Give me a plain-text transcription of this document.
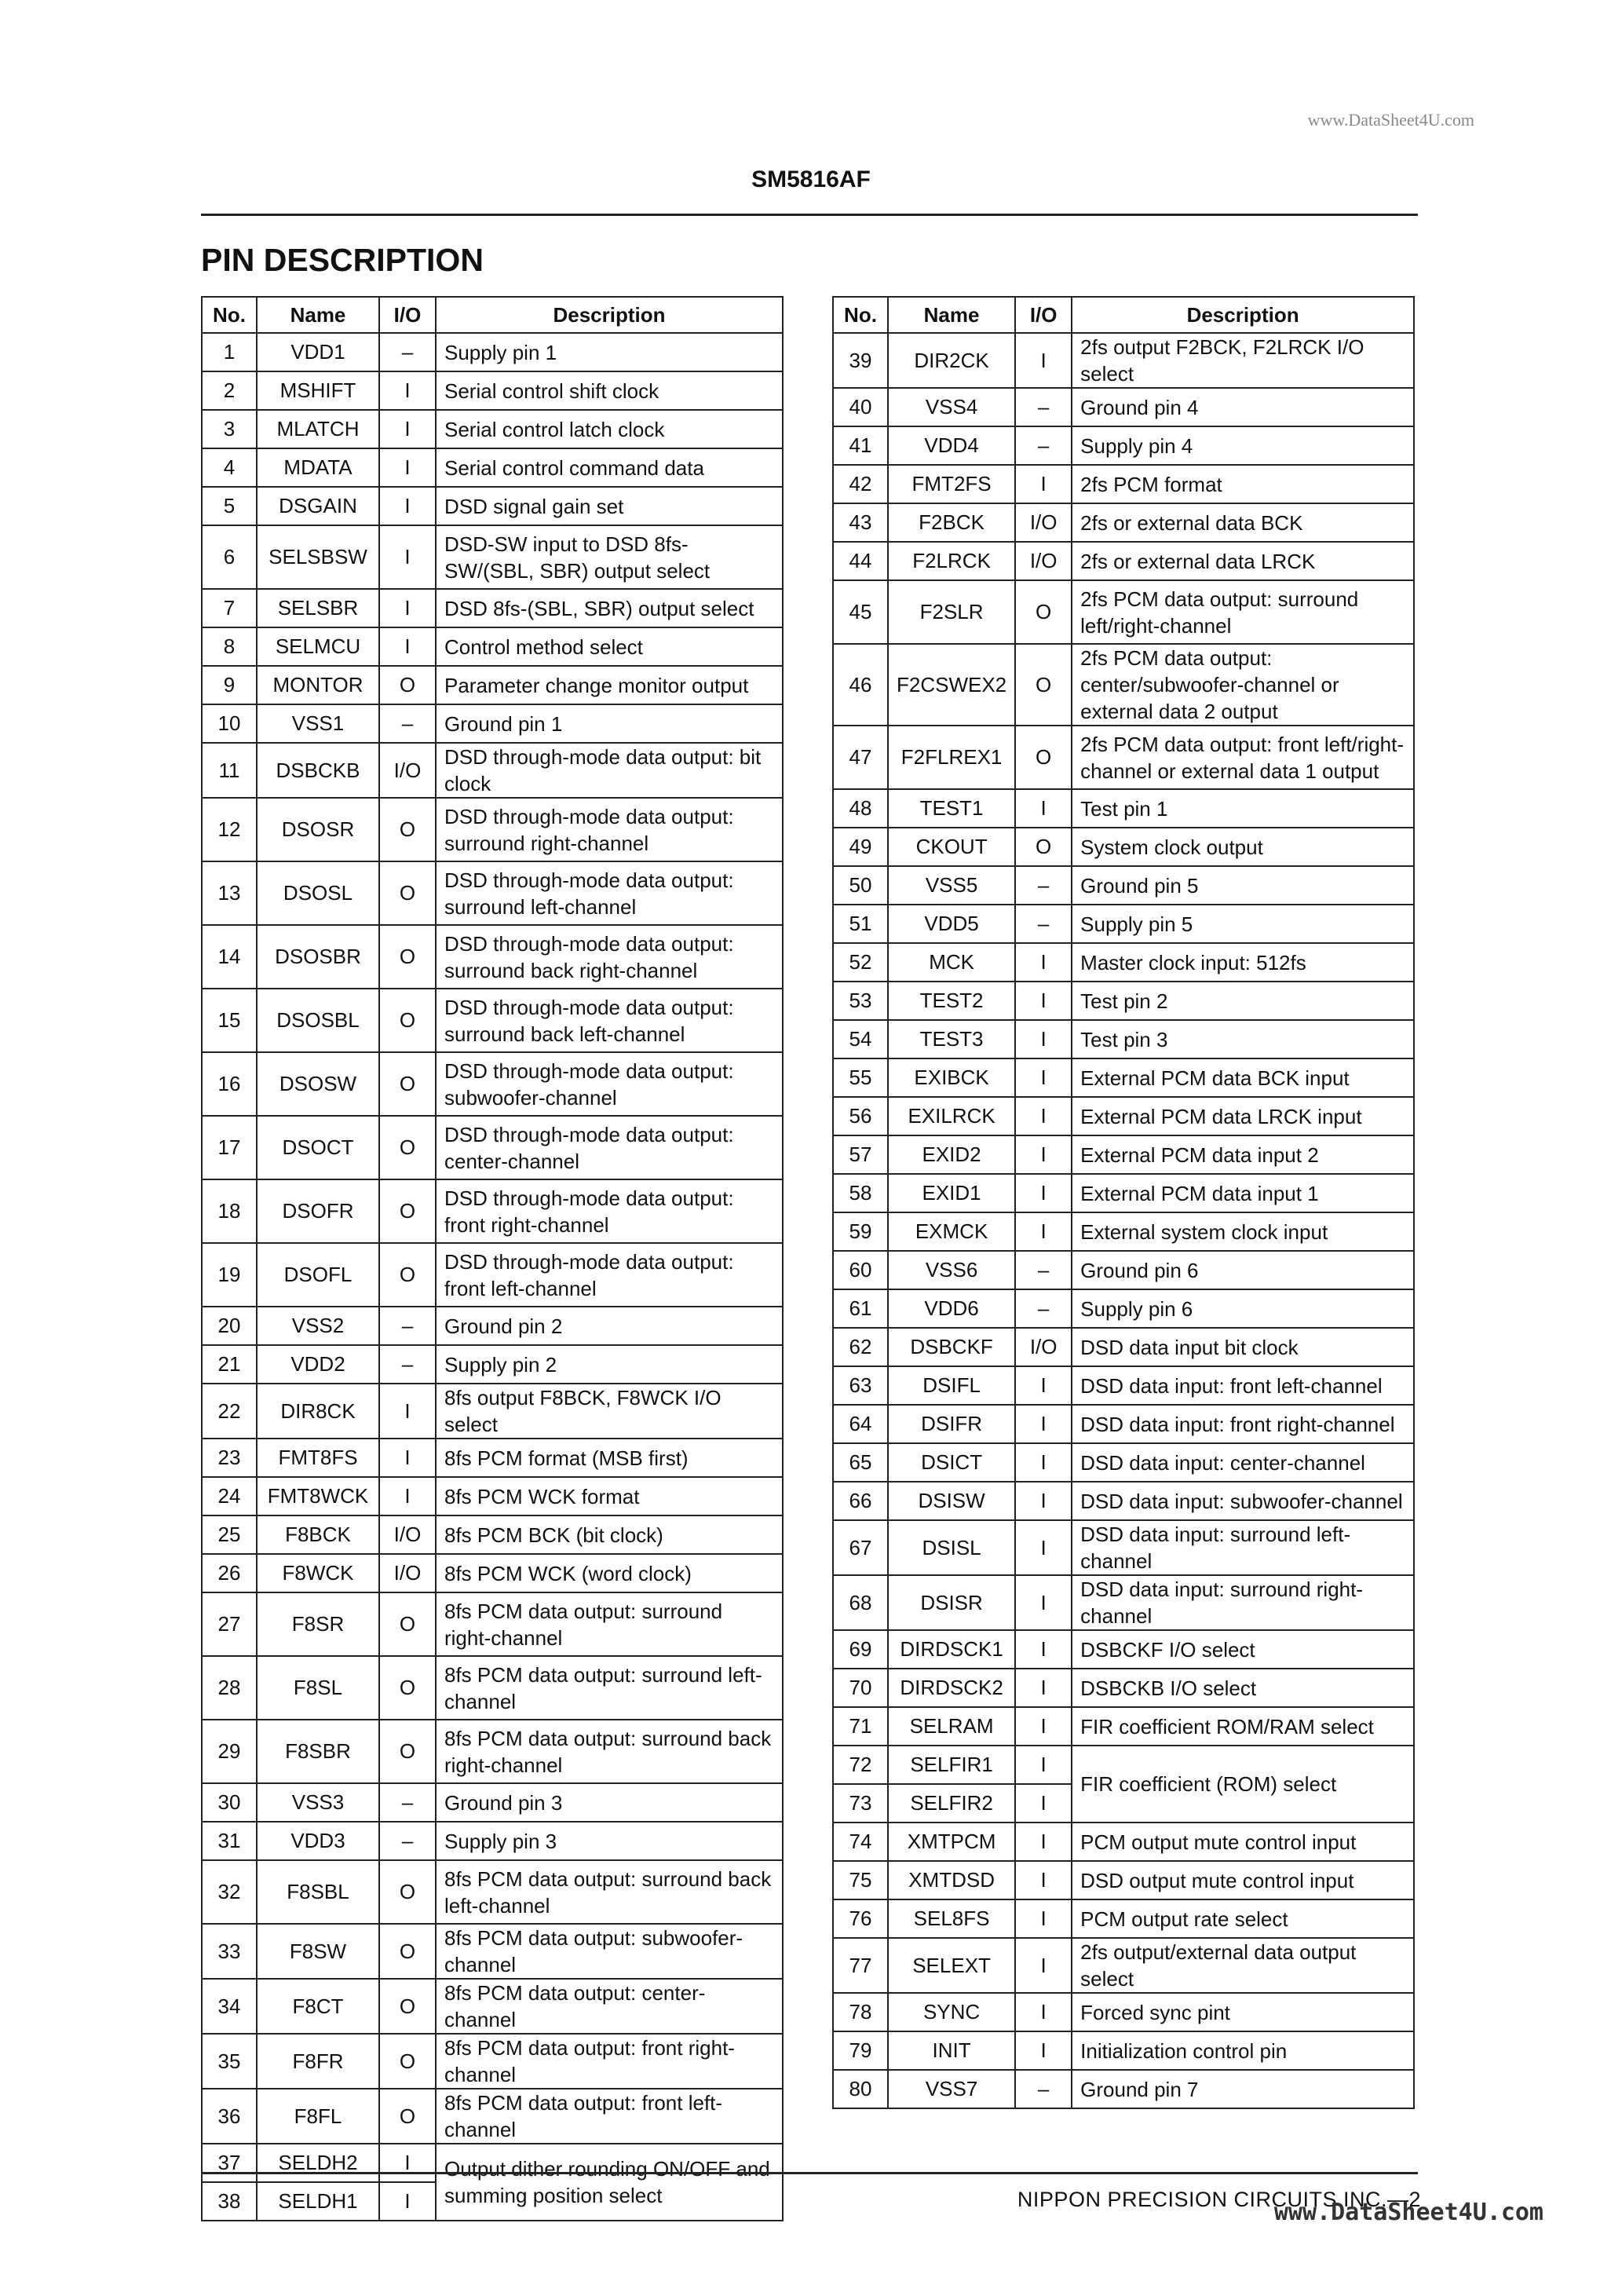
www.DataSheet4U.com
SM5816AF
PIN DESCRIPTION
No.	Name	I/O	Description
1	VDD1	–	Supply pin 1
2	MSHIFT	I	Serial control shift clock
3	MLATCH	I	Serial control latch clock
4	MDATA	I	Serial control command data
5	DSGAIN	I	DSD signal gain set
6	SELSBSW	I	DSD-SW input to DSD 8fs-SW/(SBL, SBR) output select
7	SELSBR	I	DSD 8fs-(SBL, SBR) output select
8	SELMCU	I	Control method select
9	MONTOR	O	Parameter change monitor output
10	VSS1	–	Ground pin 1
11	DSBCKB	I/O	DSD through-mode data output: bit clock
12	DSOSR	O	DSD through-mode data output: surround right-channel
13	DSOSL	O	DSD through-mode data output: surround left-channel
14	DSOSBR	O	DSD through-mode data output: surround back right-channel
15	DSOSBL	O	DSD through-mode data output: surround back left-channel
16	DSOSW	O	DSD through-mode data output: subwoofer-channel
17	DSOCT	O	DSD through-mode data output: center-channel
18	DSOFR	O	DSD through-mode data output: front right-channel
19	DSOFL	O	DSD through-mode data output: front left-channel
20	VSS2	–	Ground pin 2
21	VDD2	–	Supply pin 2
22	DIR8CK	I	8fs output F8BCK, F8WCK I/O select
23	FMT8FS	I	8fs PCM format (MSB first)
24	FMT8WCK	I	8fs PCM WCK format
25	F8BCK	I/O	8fs PCM BCK (bit clock)
26	F8WCK	I/O	8fs PCM WCK (word clock)
27	F8SR	O	8fs PCM data output: surround right-channel
28	F8SL	O	8fs PCM data output: surround left-channel
29	F8SBR	O	8fs PCM data output: surround back right-channel
30	VSS3	–	Ground pin 3
31	VDD3	–	Supply pin 3
32	F8SBL	O	8fs PCM data output: surround back left-channel
33	F8SW	O	8fs PCM data output: subwoofer-channel
34	F8CT	O	8fs PCM data output: center-channel
35	F8FR	O	8fs PCM data output: front right-channel
36	F8FL	O	8fs PCM data output: front left-channel
37	SELDH2	I	Output dither rounding ON/OFF and summing position select
38	SELDH1	I	
No.	Name	I/O	Description
39	DIR2CK	I	2fs output F2BCK, F2LRCK I/O select
40	VSS4	–	Ground pin 4
41	VDD4	–	Supply pin 4
42	FMT2FS	I	2fs PCM format
43	F2BCK	I/O	2fs or external data BCK
44	F2LRCK	I/O	2fs or external data LRCK
45	F2SLR	O	2fs PCM data output: surround left/right-channel
46	F2CSWEX2	O	2fs PCM data output: center/subwoofer-channel or external data 2 output
47	F2FLREX1	O	2fs PCM data output: front left/right-channel or external data 1 output
48	TEST1	I	Test pin 1
49	CKOUT	O	System clock output
50	VSS5	–	Ground pin 5
51	VDD5	–	Supply pin 5
52	MCK	I	Master clock input: 512fs
53	TEST2	I	Test pin 2
54	TEST3	I	Test pin 3
55	EXIBCK	I	External PCM data BCK input
56	EXILRCK	I	External PCM data LRCK input
57	EXID2	I	External PCM data input 2
58	EXID1	I	External PCM data input 1
59	EXMCK	I	External system clock input
60	VSS6	–	Ground pin 6
61	VDD6	–	Supply pin 6
62	DSBCKF	I/O	DSD data input bit clock
63	DSIFL	I	DSD data input: front left-channel
64	DSIFR	I	DSD data input: front right-channel
65	DSICT	I	DSD data input: center-channel
66	DSISW	I	DSD data input: subwoofer-channel
67	DSISL	I	DSD data input: surround left-channel
68	DSISR	I	DSD data input: surround right-channel
69	DIRDSCK1	I	DSBCKF I/O select
70	DIRDSCK2	I	DSBCKB I/O select
71	SELRAM	I	FIR coefficient ROM/RAM select
72	SELFIR1	I	FIR coefficient (ROM) select
73	SELFIR2	I	
74	XMTPCM	I	PCM output mute control input
75	XMTDSD	I	DSD output mute control input
76	SEL8FS	I	PCM output rate select
77	SELEXT	I	2fs output/external data output select
78	SYNC	I	Forced sync pint
79	INIT	I	Initialization control pin
80	VSS7	–	Ground pin 7
NIPPON PRECISION CIRCUITS INC.—2
www.DataSheet4U.com
